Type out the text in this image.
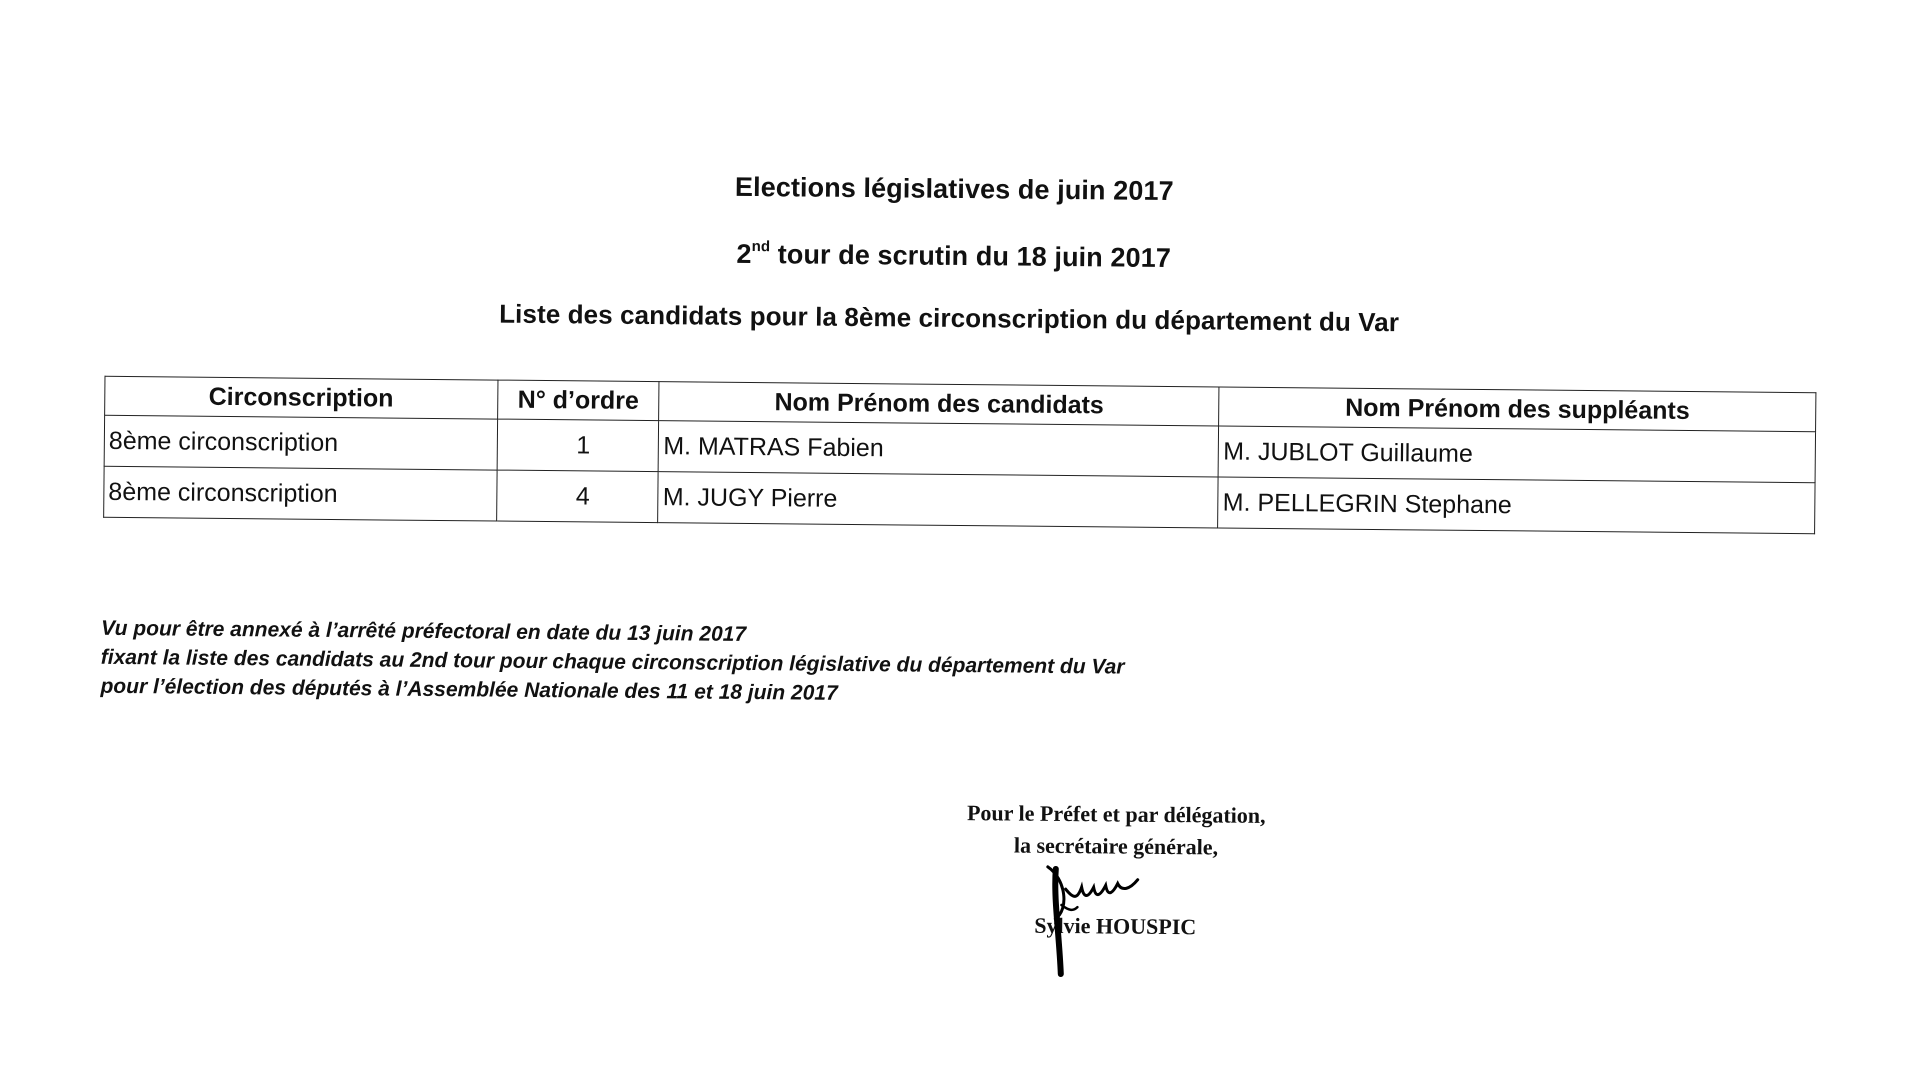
Elections législatives de juin 2017
2nd tour de scrutin du 18 juin 2017
Liste des candidats pour la 8ème circonscription du département du Var
Circonscription	N° d’ordre	Nom Prénom des candidats	Nom Prénom des suppléants
8ème circonscription	1	M. MATRAS Fabien	M. JUBLOT Guillaume
8ème circonscription	4	M. JUGY Pierre	M. PELLEGRIN Stephane
Vu pour être annexé à l’arrêté préfectoral en date du 13 juin 2017
fixant la liste des candidats au 2nd tour pour chaque circonscription législative du département du Var
pour l’élection des députés à l’Assemblée Nationale des 11 et 18 juin 2017
Pour le Préfet et par délégation,
la secrétaire générale,
Sylvie HOUSPIC
